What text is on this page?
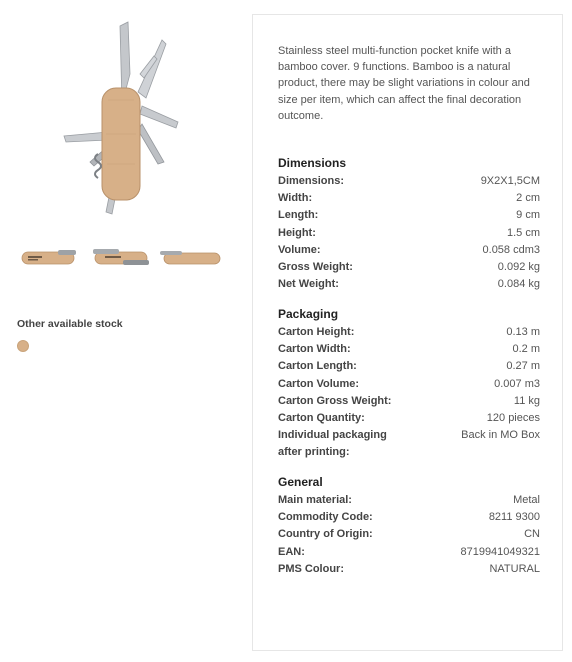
Other available stock

Stainless steel multi-function pocket knife with a bamboo cover. 9 functions. Bamboo is a natural product, there may be slight variations in colour and size per item, which can affect the final decoration outcome.

Dimensions
Dimensions:	9X2X1,5CM
Width:	2 cm
Length:	9 cm
Height:	1.5 cm
Volume:	0.058 cdm3
Gross Weight:	0.092 kg
Net Weight:	0.084 kg
Packaging
Carton Height:	0.13 m
Carton Width:	0.2 m
Carton Length:	0.27 m
Carton Volume:	0.007 m3
Carton Gross Weight:	11 kg
Carton Quantity:	120 pieces
Individual packaging	Back in MO Box
after printing:
General
Main material:	Metal
Commodity Code:	8211 9300
Country of Origin:	CN
EAN:	8719941049321
PMS Colour:	NATURAL
